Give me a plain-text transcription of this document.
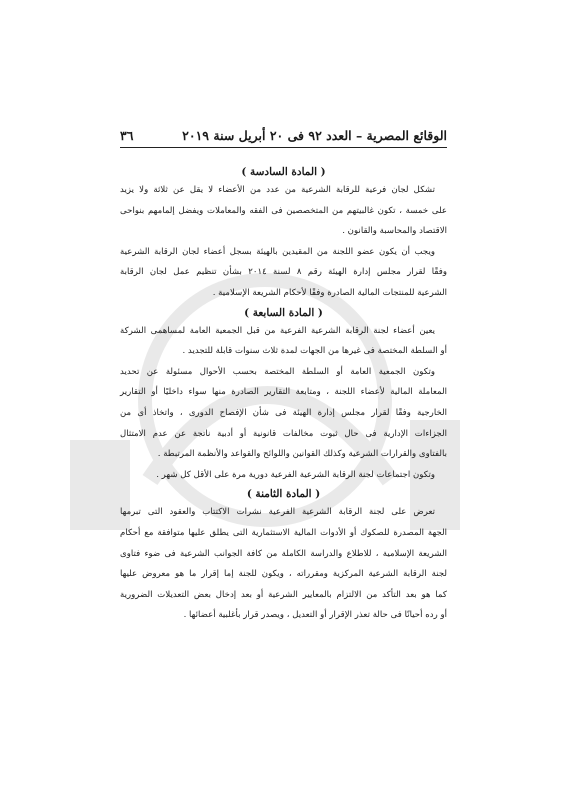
الوقائع المصرية – العدد ٩٢ فى ٢٠ أبريل سنة ٢٠١٩
٣٦
( المادة السادسة )
تشكل لجان فرعية للرقابة الشرعية من عدد من الأعضاء لا يقل عن ثلاثة ولا يزيد
على خمسة ، تكون غالبيتهم من المتخصصين فى الفقه والمعاملات ويفضل إلمامهم بنواحى
الاقتصاد والمحاسبة والقانون .
ويجب أن يكون عضو اللجنة من المقيدين بالهيئة بسجل أعضاء لجان الرقابة الشرعية
وفقًا لقرار مجلس إدارة الهيئة رقم ٨ لسنة ٢٠١٤ بشأن تنظيم عمل لجان الرقابة
الشرعية للمنتجات المالية الصادرة وفقًا لأحكام الشريعة الإسلامية .
( المادة السابعة )
يعين أعضاء لجنة الرقابة الشرعية الفرعية من قبل الجمعية العامة لمساهمى الشركة
أو السلطة المختصة فى غيرها من الجهات لمدة ثلاث سنوات قابلة للتجديد .
وتكون الجمعية العامة أو السلطة المختصة بحسب الأحوال مسئولة عن تحديد
المعاملة المالية لأعضاء اللجنة ، ومتابعة التقارير الصادرة منها سواء داخليًا أو التقارير
الخارجية وفقًا لقرار مجلس إدارة الهيئة فى شأن الإفصاح الدورى ، واتخاذ أى من
الجزاءات الإدارية فى حال ثبوت مخالفات قانونية أو أدبية ناتجة عن عدم الامتثال
بالفتاوى والقرارات الشرعية وكذلك القوانين واللوائح والقواعد والأنظمة المرتبطة .
وتكون اجتماعات لجنة الرقابة الشرعية الفرعية دورية مرة على الأقل كل شهر .
( المادة الثامنة )
تعرض على لجنة الرقابة الشرعية الفرعية نشرات الاكتتاب والعقود التى تبرمها
الجهة المصدرة للصكوك أو الأدوات المالية الاستثمارية التى يطلق عليها متوافقة مع أحكام
الشريعة الإسلامية ، للاطلاع والدراسة الكاملة من كافة الجوانب الشرعية فى ضوء فتاوى
لجنة الرقابة الشرعية المركزية ومقرراته ، ويكون للجنة إما إقرار ما هو معروض عليها
كما هو بعد التأكد من الالتزام بالمعايير الشرعية أو بعد إدخال بعض التعديلات الضرورية
أو رده أحيانًا فى حالة تعذر الإقرار أو التعديل ، ويصدر قرار بأغلبية أعضائها .
